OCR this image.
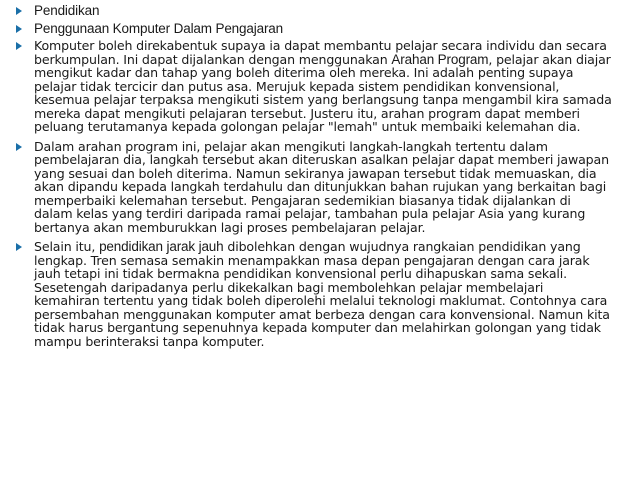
Pendidikan
Penggunaan Komputer Dalam Pengajaran
Komputer boleh direkabentuk supaya ia dapat membantu pelajar secara individu dan secara berkumpulan. Ini dapat dijalankan dengan menggunakan Arahan Program, pelajar akan diajar mengikut kadar dan tahap yang boleh diterima oleh mereka. Ini adalah penting supaya pelajar tidak tercicir dan putus asa. Merujuk kepada sistem pendidikan konvensional, kesemua pelajar terpaksa mengikuti sistem yang berlangsung tanpa mengambil kira samada mereka dapat mengikuti pelajaran tersebut. Justeru itu, arahan program dapat memberi peluang terutamanya kepada golongan pelajar "lemah" untuk membaiki kelemahan dia.
Dalam arahan program ini, pelajar akan mengikuti langkah-langkah tertentu dalam pembelajaran dia, langkah tersebut akan diteruskan asalkan pelajar dapat memberi jawapan yang sesuai dan boleh diterima. Namun sekiranya jawapan tersebut tidak memuaskan, dia akan dipandu kepada langkah terdahulu dan ditunjukkan bahan rujukan yang berkaitan bagi memperbaiki kelemahan tersebut. Pengajaran sedemikian biasanya tidak dijalankan di dalam kelas yang terdiri daripada ramai pelajar, tambahan pula pelajar Asia yang kurang bertanya akan memburukkan lagi proses pembelajaran pelajar.
Selain itu, pendidikan jarak jauh dibolehkan dengan wujudnya rangkaian pendidikan yang lengkap. Tren semasa semakin menampakkan masa depan pengajaran dengan cara jarak jauh tetapi ini tidak bermakna pendidikan konvensional perlu dihapuskan sama sekali. Sesetengah daripadanya perlu dikekalkan bagi membolehkan pelajar membelajari kemahiran tertentu yang tidak boleh diperolehi melalui teknologi maklumat. Contohnya cara persembahan menggunakan komputer amat berbeza dengan cara konvensional. Namun kita tidak harus bergantung sepenuhnya kepada komputer dan melahirkan golongan yang tidak mampu berinteraksi tanpa komputer.
